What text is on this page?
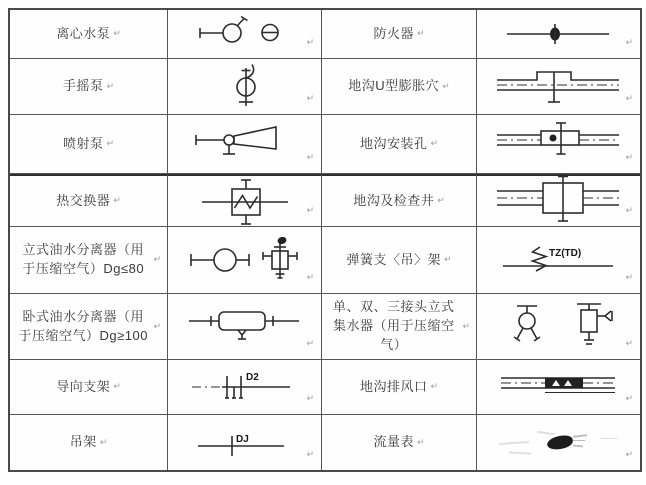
离心水泵 ↵
↵
防火器 ↵
↵
手摇泵 ↵
↵
地沟U型膨胀穴 ↵
↵
喷射泵 ↵
↵
地沟安装孔 ↵
↵
热交换器 ↵
↵
地沟及检查井 ↵
↵
立式油水分离器（用于压缩空气）Dg≤80
↵
↵
弹簧支〈吊〉架 ↵
TZ(TD)
↵
卧式油水分离器（用于压缩空气）Dg≥100
↵
↵
单、双、三接头立式集水器（用于压缩空气）
↵
↵
导向支架 ↵
D2
↵
地沟排风口 ↵
↵
吊架 ↵	DJ
↵
流量表 ↵
↵
